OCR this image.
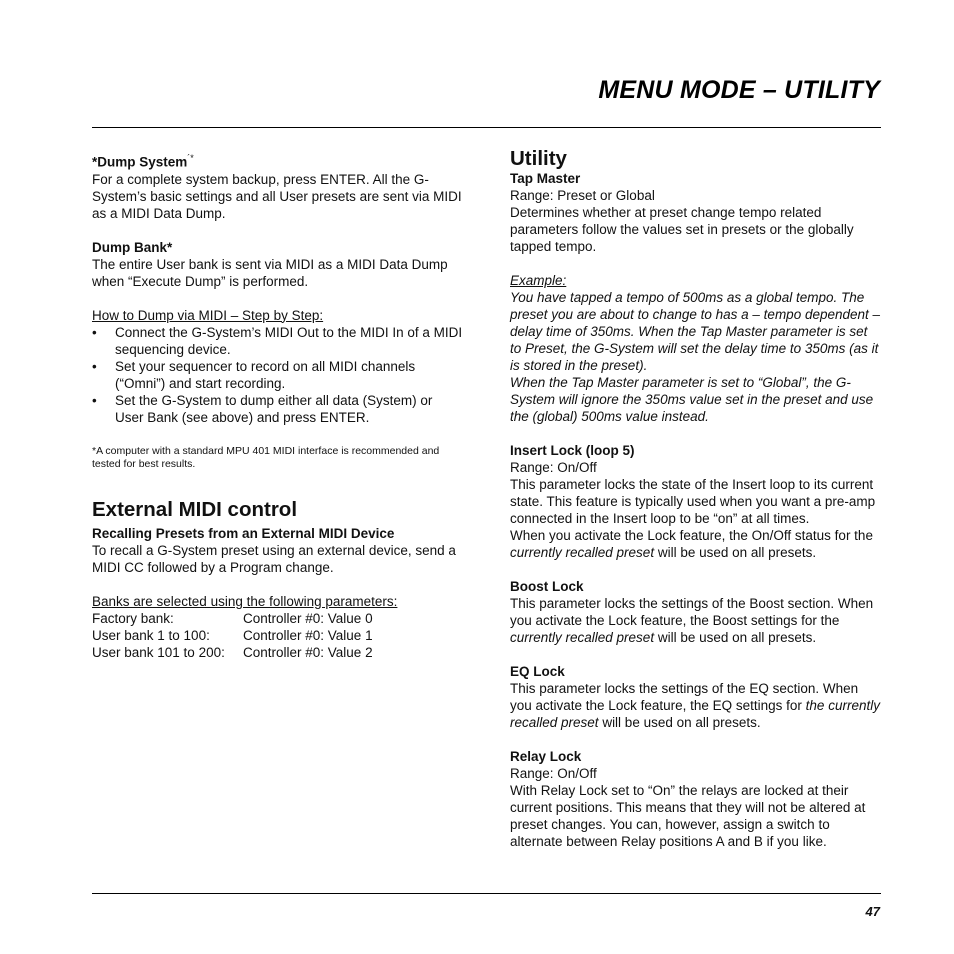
MENU MODE – UTILITY

*Dump System´*

For a complete system backup, press ENTER. All the G-System’s basic settings and all User presets are sent via MIDI as a MIDI Data Dump.

Dump Bank*

The entire User bank is sent via MIDI as a MIDI Data Dump when “Execute Dump” is performed.

How to Dump via MIDI – Step by Step:

• Connect the G-System’s MIDI Out to the MIDI In of a MIDI sequencing device.
• Set your sequencer to record on all MIDI channels (“Omni”) and start recording.
• Set the G-System to dump either all data (System) or User Bank (see above) and press ENTER.

*A computer with a standard MPU 401 MIDI interface is recommended and tested for best results.

External MIDI control

Recalling Presets from an External MIDI Device

To recall a G-System preset using an external device, send a MIDI CC followed by a Program change.

Banks are selected using the following parameters:

Factory bank:	Controller #0: Value 0
User bank 1 to 100:	Controller #0: Value 1
User bank 101 to 200:	Controller #0: Value 2

Utility

Tap Master

Range: Preset or Global

Determines whether at preset change tempo related parameters follow the values set in presets or the globally tapped tempo.

Example:

You have tapped a tempo of 500ms as a global tempo. The preset you are about to change to has a – tempo dependent – delay time of 350ms. When the Tap Master parameter is set to Preset, the G-System will set the delay time to 350ms (as it is stored in the preset).

When the Tap Master parameter is set to “Global”, the G-System will ignore the 350ms value set in the preset and use the (global) 500ms value instead.

Insert Lock (loop 5)

Range: On/Off

This parameter locks the state of the Insert loop to its current state. This feature is typically used when you want a pre-amp connected in the Insert loop to be “on” at all times.

When you activate the Lock feature, the On/Off status for the currently recalled preset will be used on all presets.

Boost Lock

This parameter locks the settings of the Boost section. When you activate the Lock feature, the Boost settings for the currently recalled preset will be used on all presets.

EQ Lock

This parameter locks the settings of the EQ section. When you activate the Lock feature, the EQ settings for the currently recalled preset will be used on all presets.

Relay Lock

Range: On/Off

With Relay Lock set to “On” the relays are locked at their current positions. This means that they will not be altered at preset changes. You can, however, assign a switch to alternate between Relay positions A and B if you like.

47
